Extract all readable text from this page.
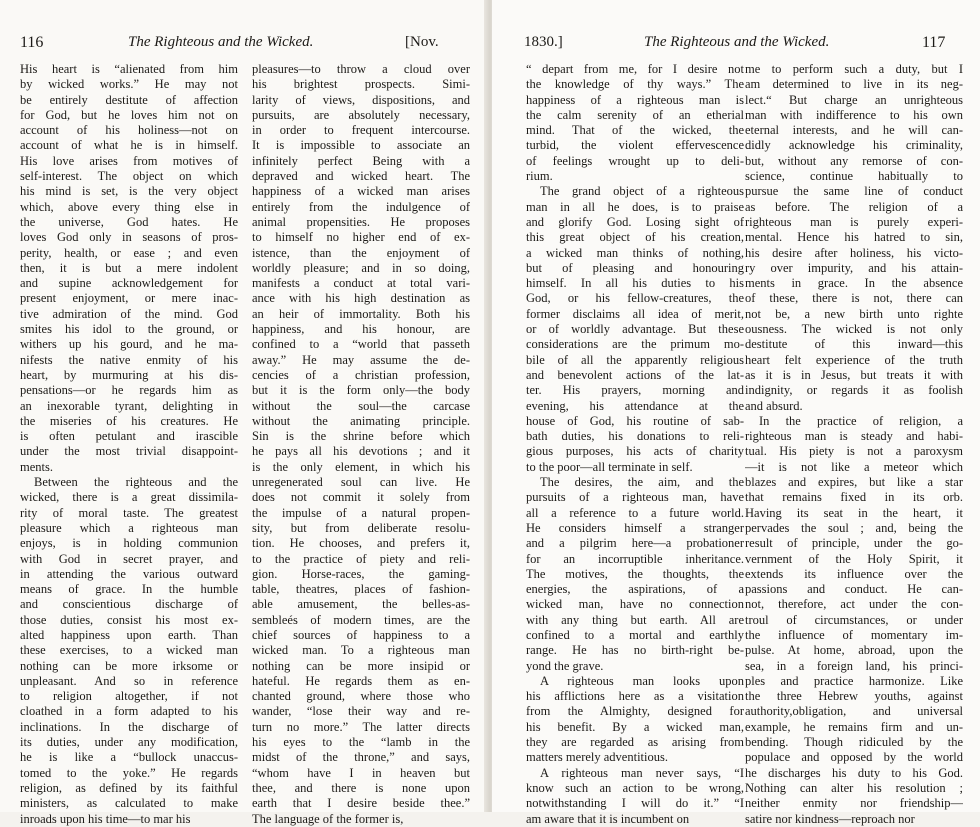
116	The Righteous and the Wicked.	[Nov.

His heart is “alienated from him
by wicked works.” He may not
be entirely destitute of affection
for God, but he loves him not on
account of his holiness—not on
account of what he is in himself.
His love arises from motives of
self-interest. The object on which
his mind is set, is the very object
which, above every thing else in
the universe, God hates. He
loves God only in seasons of pros-
perity, health, or ease ; and even
then, it is but a mere indolent
and supine acknowledgement for
present enjoyment, or mere inac-
tive admiration of the mind. God
smites his idol to the ground, or
withers up his gourd, and he ma-
nifests the native enmity of his
heart, by murmuring at his dis-
pensations—or he regards him as
an inexorable tyrant, delighting in
the miseries of his creatures. He
is often petulant and irascible
under the most trivial disappoint-
ments.

Between the righteous and the
wicked, there is a great dissimila-
rity of moral taste. The greatest
pleasure which a righteous man
enjoys, is in holding communion
with God in secret prayer, and
in attending the various outward
means of grace. In the humble
and conscientious discharge of
those duties, consist his most ex-
alted happiness upon earth. Than
these exercises, to a wicked man
nothing can be more irksome or
unpleasant. And so in reference
to religion altogether, if not
cloathed in a form adapted to his
inclinations. In the discharge of
its duties, under any modification,
he is like a “bullock unaccus-
tomed to the yoke.” He regards
religion, as defined by its faithful
ministers, as calculated to make
inroads upon his time—to mar his

pleasures—to throw a cloud over
his brightest prospects. Simi-
larity of views, dispositions, and
pursuits, are absolutely necessary,
in order to frequent intercourse.
It is impossible to associate an
infinitely perfect Being with a
depraved and wicked heart. The
happiness of a wicked man arises
entirely from the indulgence of
animal propensities. He proposes
to himself no higher end of ex-
istence, than the enjoyment of
worldly pleasure; and in so doing,
manifests a conduct at total vari-
ance with his high destination as
an heir of immortality. Both his
happiness, and his honour, are
confined to a “world that passeth
away.” He may assume the de-
cencies of a christian profession,
but it is the form only—the body
without the soul—the carcase
without the animating principle.
Sin is the shrine before which
he pays all his devotions ; and it
is the only element, in which his
unregenerated soul can live. He
does not commit it solely from
the impulse of a natural propen-
sity, but from deliberate resolu-
tion. He chooses, and prefers it,
to the practice of piety and reli-
gion. Horse-races, the gaming-
table, theatres, places of fashion-
able amusement, the belles-as-
sembleés of modern times, are the
chief sources of happiness to a
wicked man. To a righteous man
nothing can be more insipid or
hateful. He regards them as en-
chanted ground, where those who
wander, “lose their way and re-
turn no more.” The latter directs
his eyes to the “lamb in the
midst of the throne,” and says,
“whom have I in heaven but
thee, and there is none upon
earth that I desire beside thee.”
The language of the former is,

1830.]	The Righteous and the Wicked.	117

“ depart from me, for I desire not
the knowledge of thy ways.” The
happiness of a righteous man is
the calm serenity of an etherial
mind. That of the wicked, the
turbid, the violent effervescence
of feelings wrought up to deli-
rium.

The grand object of a righteous
man in all he does, is to praise
and glorify God. Losing sight of
this great object of his creation,
a wicked man thinks of nothing,
but of pleasing and honouring
himself. In all his duties to his
God, or his fellow-creatures, the
former disclaims all idea of merit,
or of worldly advantage. But these
considerations are the primum mo-
bile of all the apparently religious
and benevolent actions of the lat-
ter. His prayers, morning and
evening, his attendance at the
house of God, his routine of sab-
bath duties, his donations to reli-
gious purposes, his acts of charity
to the poor—all terminate in self.

The desires, the aim, and the
pursuits of a righteous man, have
all a reference to a future world.
He considers himself a stranger
and a pilgrim here—a probationer
for an incorruptible inheritance.
The motives, the thoughts, the
energies, the aspirations, of a
wicked man, have no connection
with any thing but earth. All are
confined to a mortal and earthly
range. He has no birth-right be-
yond the grave.

A righteous man looks upon
his afflictions here as a visitation
from the Almighty, designed for
his benefit. By a wicked man,
they are regarded as arising from
matters merely adventitious.

A righteous man never says, “I
know such an action to be wrong,
notwithstanding I will do it.” “I
am aware that it is incumbent on

me to perform such a duty, but I
am determined to live in its neg-
lect.“ But charge an unrighteous
man with indifference to his own
eternal interests, and he will can-
didly acknowledge his criminality,
but, without any remorse of con-
science, continue habitually to
pursue the same line of conduct
as before. The religion of a
righteous man is purely experi-
mental. Hence his hatred to sin,
his desire after holiness, his victo-
ry over impurity, and his attain-
ments in grace. In the absence
of these, there is not, there can
not be, a new birth unto righte
ousness. The wicked is not only
destitute of this inward—this
heart felt experience of the truth
as it is in Jesus, but treats it with
indignity, or regards it as foolish
and absurd.

In the practice of religion, a
righteous man is steady and habi-
tual. His piety is not a paroxysm
—it is not like a meteor which
blazes and expires, but like a star
that remains fixed in its orb.
Having its seat in the heart, it
pervades the soul ; and, being the
result of principle, under the go-
vernment of the Holy Spirit, it
extends its influence over the
passions and conduct. He can-
not, therefore, act under the con-
troul of circumstances, or under
the influence of momentary im-
pulse. At home, abroad, upon the
sea, in a foreign land, his princi-
ples and practice harmonize. Like
the three Hebrew youths, against
authority,obligation, and universal
example, he remains firm and un-
bending. Though ridiculed by the
populace and opposed by the world
he discharges his duty to his God.
Nothing can alter his resolution ;
neither enmity nor friendship—
satire nor kindness—reproach nor
